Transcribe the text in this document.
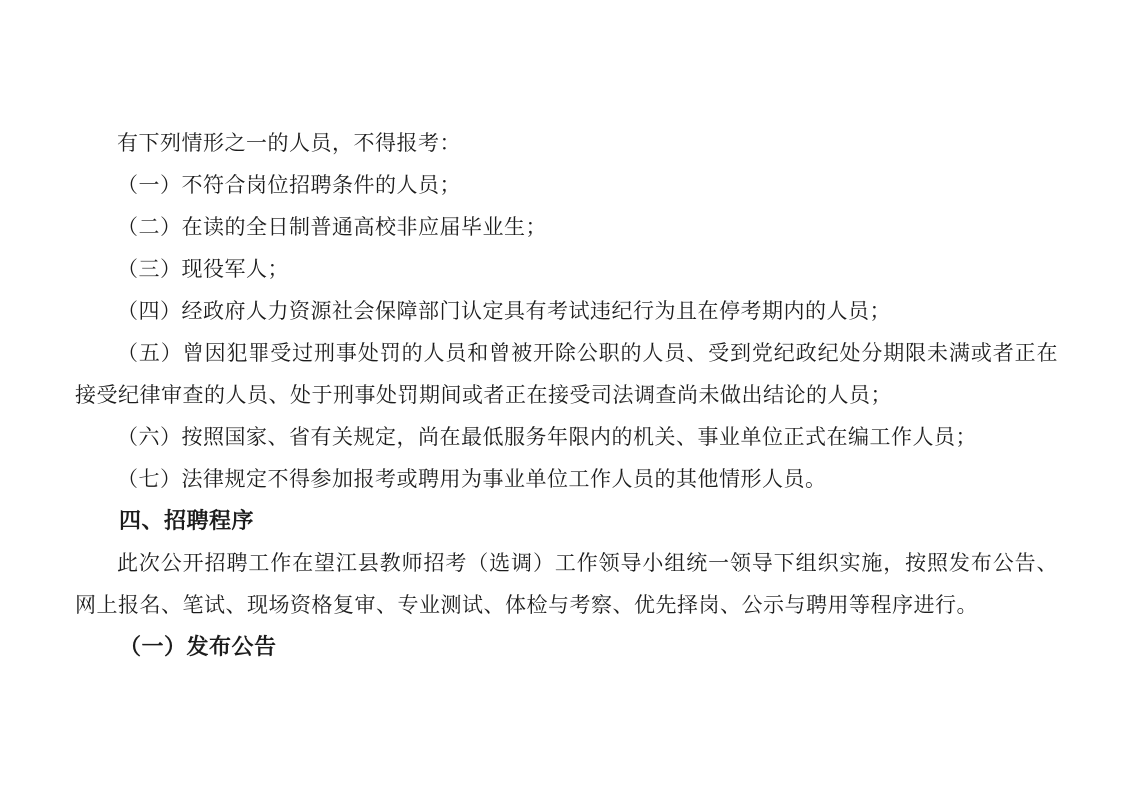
有下列情形之一的人员，不得报考：

（一）不符合岗位招聘条件的人员；

（二）在读的全日制普通高校非应届毕业生；

（三）现役军人；

（四）经政府人力资源社会保障部门认定具有考试违纪行为且在停考期内的人员；

（五）曾因犯罪受过刑事处罚的人员和曾被开除公职的人员、受到党纪政纪处分期限未满或者正在接受纪律审查的人员、处于刑事处罚期间或者正在接受司法调查尚未做出结论的人员；

（六）按照国家、省有关规定，尚在最低服务年限内的机关、事业单位正式在编工作人员；

（七）法律规定不得参加报考或聘用为事业单位工作人员的其他情形人员。

四、招聘程序

此次公开招聘工作在望江县教师招考（选调）工作领导小组统一领导下组织实施，按照发布公告、网上报名、笔试、现场资格复审、专业测试、体检与考察、优先择岗、公示与聘用等程序进行。

（一）发布公告
